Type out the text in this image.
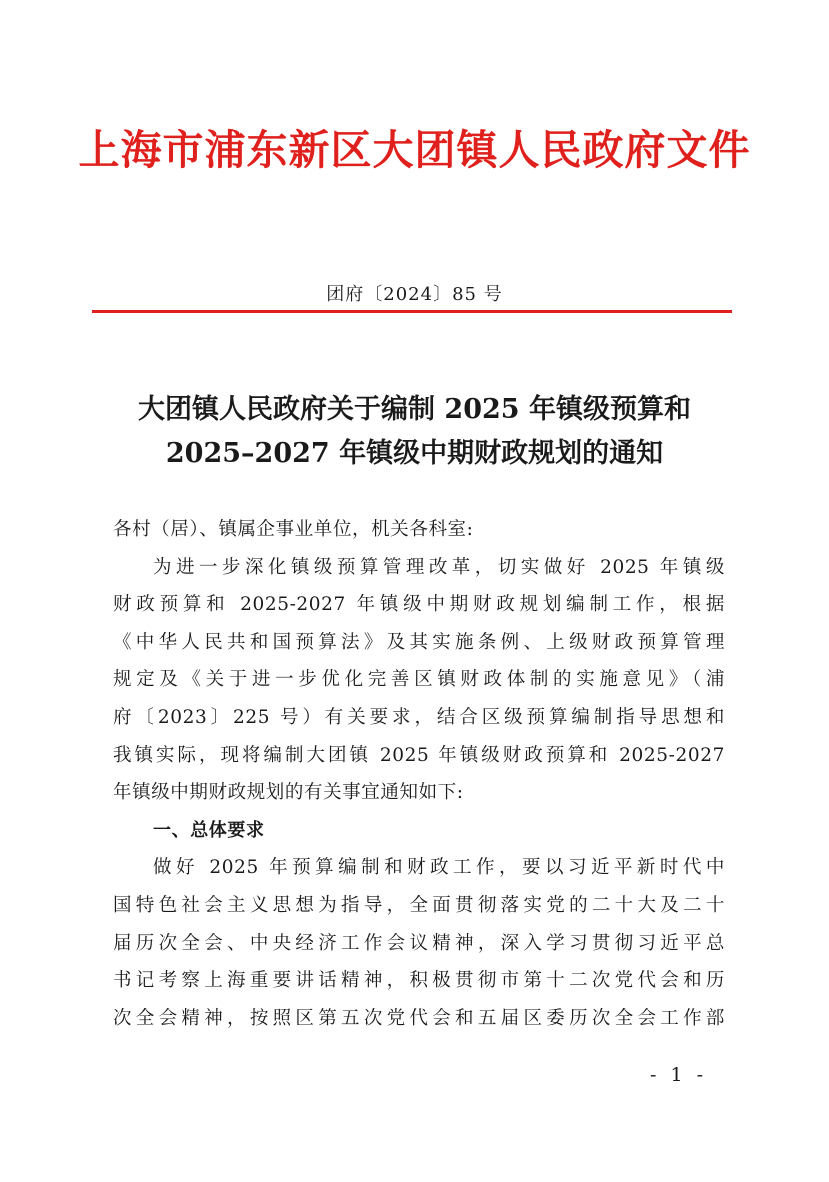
上海市浦东新区大团镇人民政府文件
团府〔2024〕85 号
大团镇人民政府关于编制 2025 年镇级预算和
2025–2027 年镇级中期财政规划的通知
各村（居）、镇属企事业单位，机关各科室:
为进一步深化镇级预算管理改革，切实做好 2025 年镇级
财政预算和 2025-2027 年镇级中期财政规划编制工作，根据
《中华人民共和国预算法》及其实施条例、上级财政预算管理
规定及《关于进一步优化完善区镇财政体制的实施意见》（浦
府〔2023〕225 号）有关要求，结合区级预算编制指导思想和
我镇实际，现将编制大团镇 2025 年镇级财政预算和 2025-2027
年镇级中期财政规划的有关事宜通知如下:
一、总体要求
做好 2025 年预算编制和财政工作，要以习近平新时代中
国特色社会主义思想为指导，全面贯彻落实党的二十大及二十
届历次全会、中央经济工作会议精神，深入学习贯彻习近平总
书记考察上海重要讲话精神，积极贯彻市第十二次党代会和历
次全会精神，按照区第五次党代会和五届区委历次全会工作部
- 1 -
